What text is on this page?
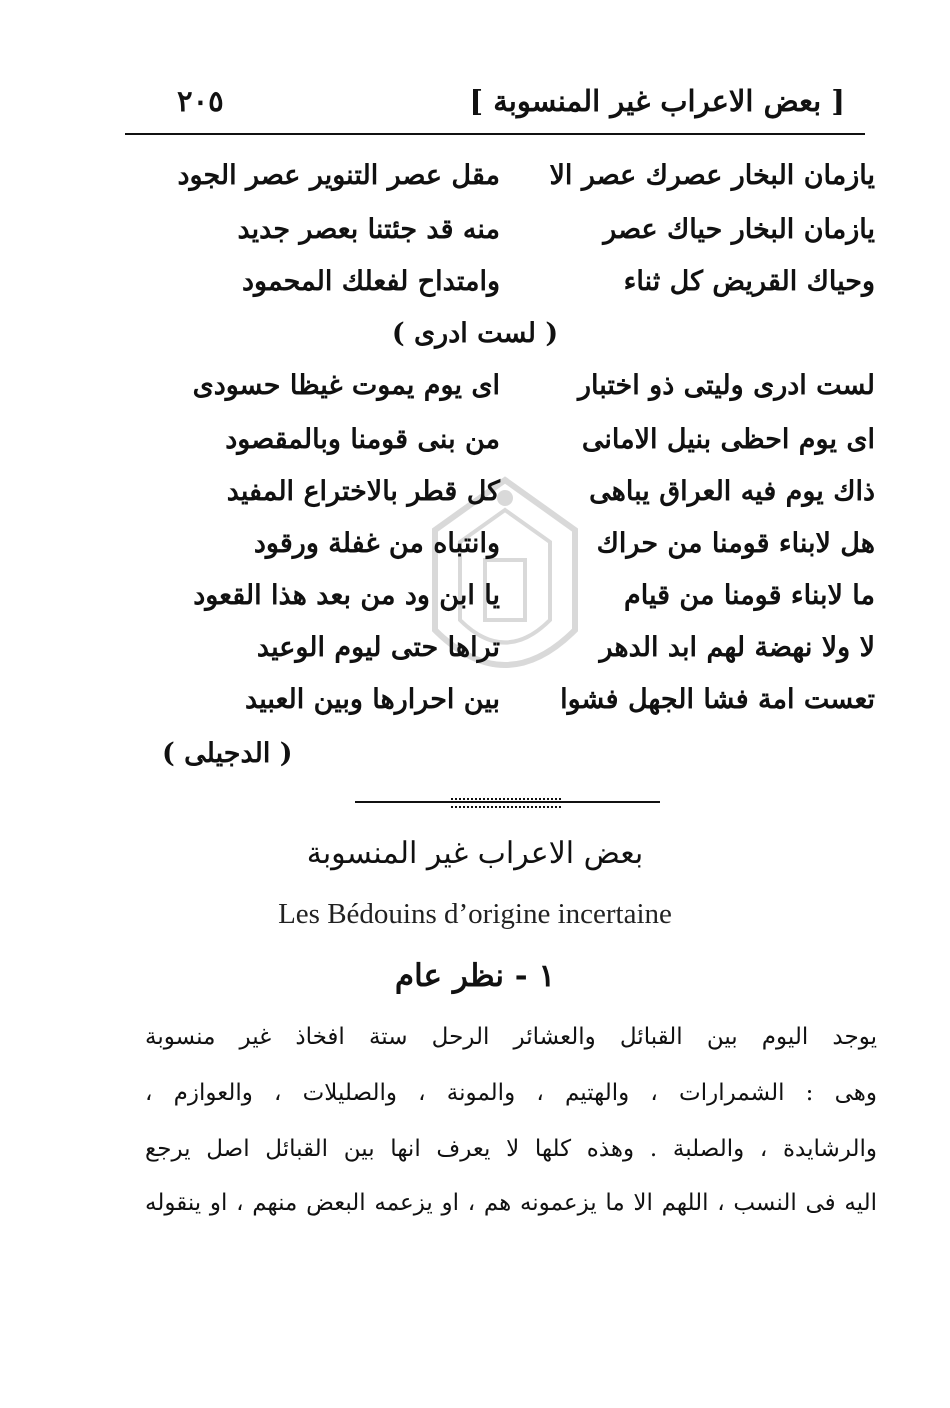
[ بعض الاعراب غير المنسوبة ]
٢٠٥
يازمان البخار عصرك عصر الا
مقل عصر التنوير عصر الجود
يازمان البخار حياك عصر
منه قد جئتنا بعصر جديد
وحياك القريض كل ثناء
وامتداح لفعلك المحمود
( لست ادرى )
لست ادرى وليتى ذو اختبار
اى يوم يموت غيظا حسودى
اى يوم احظى بنيل الامانى
من بنى قومنا وبالمقصود
ذاك يوم فيه العراق يباهى
كل قطر بالاختراع المفيد
هل لابناء قومنا من حراك
وانتباه من غفلة ورقود
ما لابناء قومنا من قيام
يا ابن ود من بعد هذا القعود
لا ولا نهضة لهم ابد الدهر
تراها حتى ليوم الوعيد
تعست امة فشا الجهل فشوا
بين احرارها وبين العبيد
( الدجيلى )
بعض الاعراب غير المنسوبة
Les Bédouins d’origine incertaine
١ - نظر عام
يوجد اليوم بين القبائل والعشائر الرحل ستة افخاذ غير منسوبة
وهى : الشمرارات ، والهتيم ، والمونة ، والصليلات ، والعوازم ،
والرشايدة ، والصلبة . وهذه كلها لا يعرف انها بين القبائل اصل يرجع
اليه فى النسب ، اللهم الا ما يزعمونه هم ، او يزعمه البعض منهم ، او ينقوله
